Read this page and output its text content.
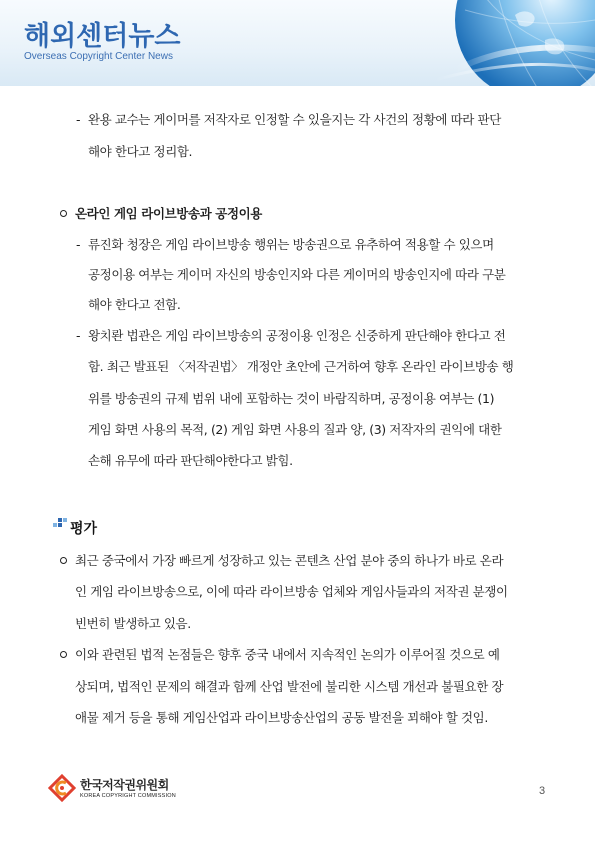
해외센터뉴스
Overseas Copyright Center News
- 완용 교수는 게이머를 저작자로 인정할 수 있을지는 각 사건의 정황에 따라 판단
해야 한다고 정리함.
온라인 게임 라이브방송과 공정이용
- 류진화 청장은 게임 라이브방송 행위는 방송권으로 유추하여 적용할 수 있으며
공정이용 여부는 게이머 자신의 방송인지와 다른 게이머의 방송인지에 따라 구분
해야 한다고 전함.
- 왕치롼 법관은 게임 라이브방송의 공정이용 인정은 신중하게 판단해야 한다고 전
함. 최근 발표된 〈저작권법〉 개정안 초안에 근거하여 향후 온라인 라이브방송 행
위를 방송권의 규제 범위 내에 포함하는 것이 바람직하며, 공정이용 여부는 (1)
게임 화면 사용의 목적, (2) 게임 화면 사용의 질과 양, (3) 저작자의 권익에 대한
손해 유무에 따라 판단해야한다고 밝힘.
평가
최근 중국에서 가장 빠르게 성장하고 있는 콘텐츠 산업 분야 중의 하나가 바로 온라
인 게임 라이브방송으로, 이에 따라 라이브방송 업체와 게임사들과의 저작권 분쟁이
빈번히 발생하고 있음.
이와 관련된 법적 논점들은 향후 중국 내에서 지속적인 논의가 이루어질 것으로 예
상되며, 법적인 문제의 해결과 함께 산업 발전에 불리한 시스템 개선과 불필요한 장
애물 제거 등을 통해 게임산업과 라이브방송산업의 공동 발전을 꾀해야 할 것임.
한국저작권위원회
KOREA COPYRIGHT COMMISSION	3
